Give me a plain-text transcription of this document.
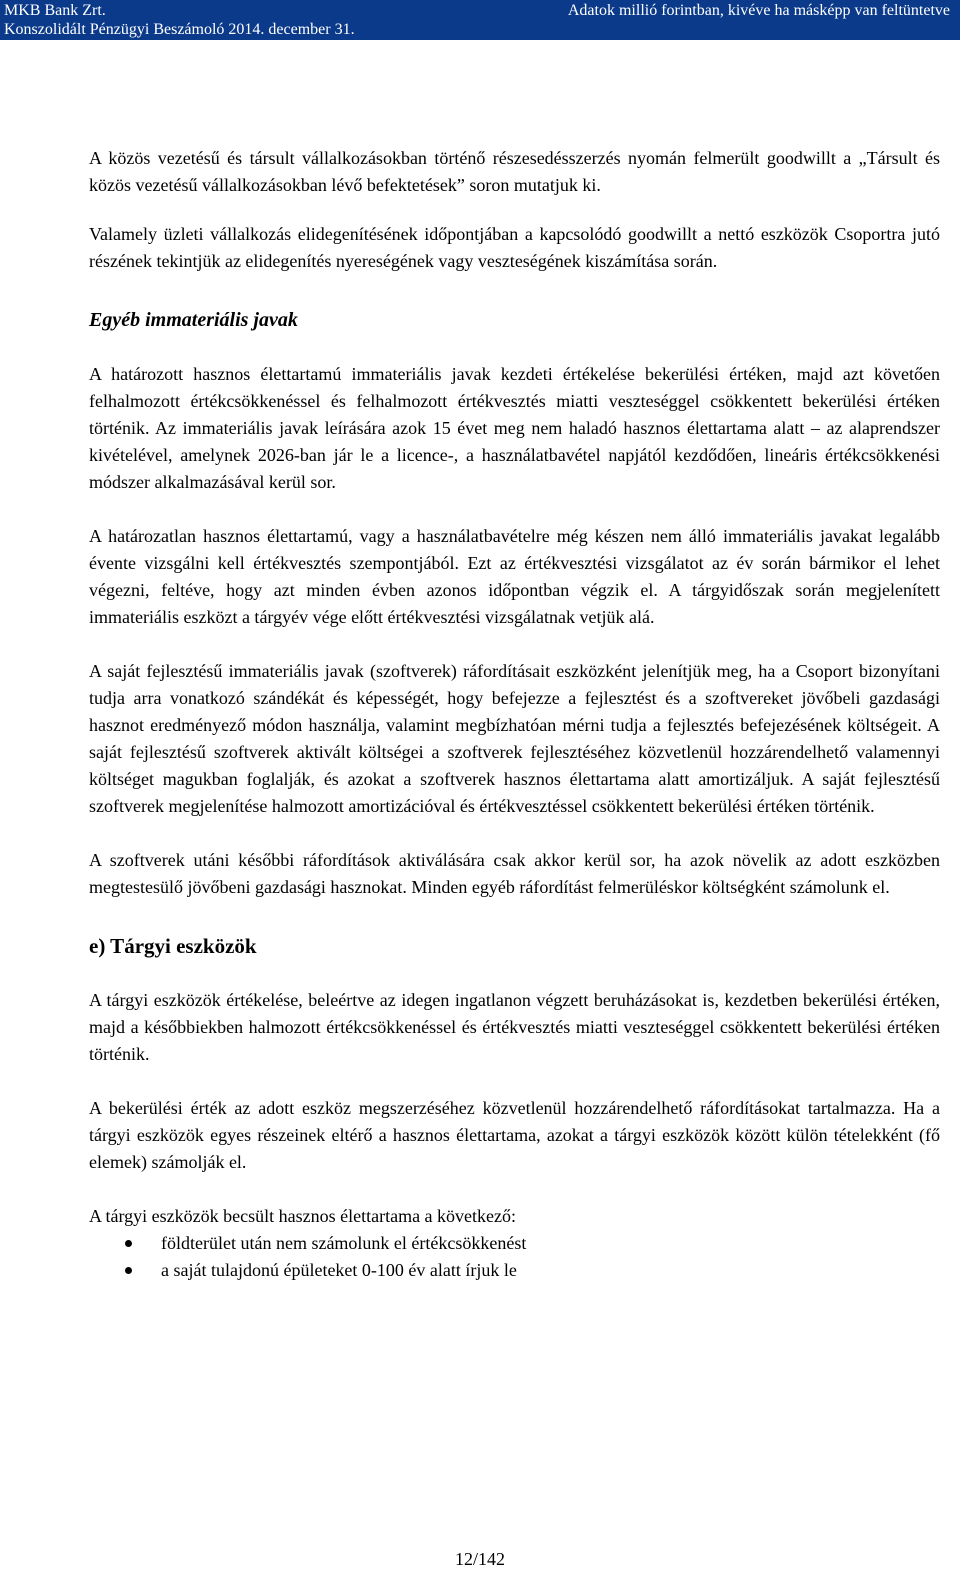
MKB Bank Zrt.
Konszolidált Pénzügyi Beszámoló 2014. december 31.
Adatok millió forintban, kivéve ha másképp van feltüntetve

A közös vezetésű és társult vállalkozásokban történő részesedésszerzés nyomán felmerült goodwillt a „Társult és közös vezetésű vállalkozásokban lévő befektetések” soron mutatjuk ki.

Valamely üzleti vállalkozás elidegenítésének időpontjában a kapcsolódó goodwillt a nettó eszközök Csoportra jutó részének tekintjük az elidegenítés nyereségének vagy veszteségének kiszámítása során.

Egyéb immateriális javak

A határozott hasznos élettartamú immateriális javak kezdeti értékelése bekerülési értéken, majd azt követően felhalmozott értékcsökkenéssel és felhalmozott értékvesztés miatti veszteséggel csökkentett bekerülési értéken történik. Az immateriális javak leírására azok 15 évet meg nem haladó hasznos élettartama alatt – az alaprendszer kivételével, amelynek 2026-ban jár le a licence-, a használatbavétel napjától kezdődően, lineáris értékcsökkenési módszer alkalmazásával kerül sor.

A határozatlan hasznos élettartamú, vagy a használatbavételre még készen nem álló immateriális javakat legalább évente vizsgálni kell értékvesztés szempontjából. Ezt az értékvesztési vizsgálatot az év során bármikor el lehet végezni, feltéve, hogy azt minden évben azonos időpontban végzik el. A tárgyidőszak során megjelenített immateriális eszközt a tárgyév vége előtt értékvesztési vizsgálatnak vetjük alá.

A saját fejlesztésű immateriális javak (szoftverek) ráfordításait eszközként jelenítjük meg, ha a Csoport bizonyítani tudja arra vonatkozó szándékát és képességét, hogy befejezze a fejlesztést és a szoftvereket jövőbeli gazdasági hasznot eredményező módon használja, valamint megbízhatóan mérni tudja a fejlesztés befejezésének költségeit. A saját fejlesztésű szoftverek aktivált költségei a szoftverek fejlesztéséhez közvetlenül hozzárendelhető valamennyi költséget magukban foglalják, és azokat a szoftverek hasznos élettartama alatt amortizáljuk. A saját fejlesztésű szoftverek megjelenítése halmozott amortizációval és értékvesztéssel csökkentett bekerülési értéken történik.

A szoftverek utáni későbbi ráfordítások aktiválására csak akkor kerül sor, ha azok növelik az adott eszközben megtestesülő jövőbeni gazdasági hasznokat. Minden egyéb ráfordítást felmerüléskor költségként számolunk el.

e) Tárgyi eszközök

A tárgyi eszközök értékelése, beleértve az idegen ingatlanon végzett beruházásokat is, kezdetben bekerülési értéken, majd a későbbiekben halmozott értékcsökkenéssel és értékvesztés miatti veszteséggel csökkentett bekerülési értéken történik.

A bekerülési érték az adott eszköz megszerzéséhez közvetlenül hozzárendelhető ráfordításokat tartalmazza. Ha a tárgyi eszközök egyes részeinek eltérő a hasznos élettartama, azokat a tárgyi eszközök között külön tételekként (fő elemek) számolják el.

A tárgyi eszközök becsült hasznos élettartama a következő:

földterület után nem számolunk el értékcsökkenést
a saját tulajdonú épületeket 0-100 év alatt írjuk le
12/142
